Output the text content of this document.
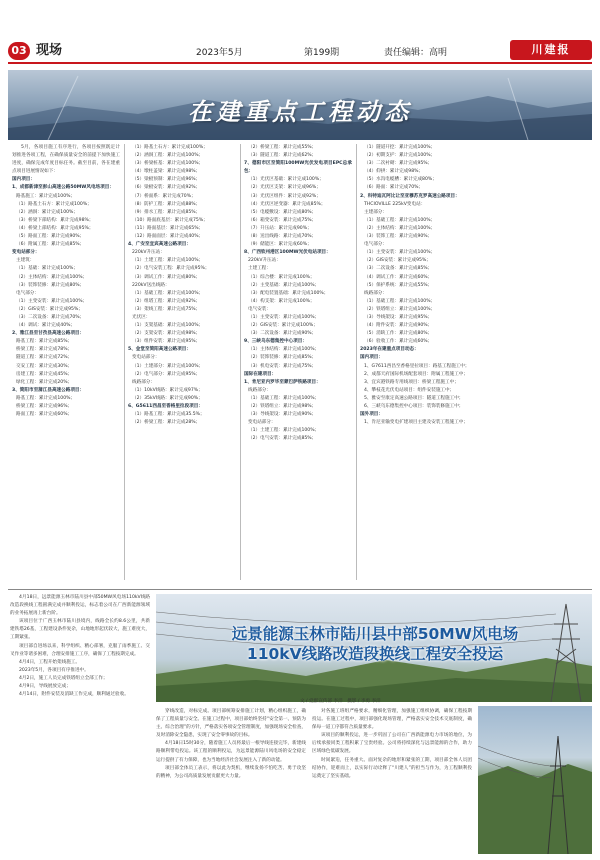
03 现场	2023年5月	第199期	责任编辑：高明	川建报
在建重点工程动态

5月，各项目施工有序进行，各项目按照既定计划推进各项工程，在确保质量安全的前提下加快施工进度，确保完成年度目标任务。截至目前，各在建重点项目进展情况如下：

国内项目：

1、成都新津至彭山高速公路50MW风电场项目：

路基施工：累计完成100%；

（1）路基土石方：累计完成100%；

（2）涵洞：累计完成100%；

（3）桥梁下部结构：累计完成98%；

（4）桥梁上部结构：累计完成95%；

（5）路面工程：累计完成90%；

（6）附属工程：累计完成85%；

变电站部分：

主建筑：

（1）基础：累计完成100%；

（2）主体结构：累计完成100%；

（3）装饰装修：累计完成80%；

电气部分：

（1）主变安装：累计完成100%；

（2）GIS安装：累计完成95%；

（3）二次设备：累计完成70%；

（4）调试：累计完成40%；

2、雅江县至甘孜县高速公路项目：

路基工程：累计完成85%；

桥梁工程：累计完成78%；

隧道工程：累计完成72%；

交安工程：累计完成30%；

房建工程：累计完成45%；

绿化工程：累计完成20%；

3、简阳市至蒲江县高速公路项目：

路基工程：累计完成100%；

桥梁工程：累计完成96%；

路面工程：累计完成60%；

（1）路基土石方：累计完成100%；

（2）涵洞工程：累计完成100%；

（3）桥梁桩基：累计完成100%；

（4）墩柱盖梁：累计完成98%；

（5）梁板预制：累计完成96%；

（6）梁板安装：累计完成92%；

（7）桥面系：累计完成70%；

（8）防护工程：累计完成88%；

（9）排水工程：累计完成85%；

（10）路面底基层：累计完成75%；

（11）路面基层：累计完成65%；

（12）路面面层：累计完成40%；

4、广安至宜宾高速公路项目：

220kV升压站：

（1）土建工程：累计完成100%；

（2）电气安装工程：累计完成95%；

（3）调试工作：累计完成80%；

220kV送出线路：

（1）基础工程：累计完成100%；

（2）组塔工程：累计完成92%；

（3）架线工程：累计完成75%；

光伏区：

（1）支架基础：累计完成100%；

（2）支架安装：累计完成98%；

（3）组件安装：累计完成95%；

5、金堂至简阳高速公路项目：

变电站部分：

（1）土建部分：累计完成100%；

（2）电气部分：累计完成95%；

线路部分：

（1）10kV线路：累计完成97%；

（2）35kV线路：累计完成90%；

6、G5611西昌至香格里拉段项目：

（1）路基工程：累计完成35.5%；

（2）桥梁工程：累计完成28%；

（2）桥梁工程：累计完成55%；

（3）隧道工程：累计完成62%；

7、德阳市区至简阳100MW光伏发电项目EPC总承包：

（1）光伏区基础：累计完成100%；

（2）光伏区支架：累计完成96%；

（3）光伏区组件：累计完成92%；

（4）光伏区逆变器：累计完成85%；

（5）电缆敷设：累计完成80%；

（6）箱变安装：累计完成75%；

（7）升压站：累计完成90%；

（8）送出线路：累计完成70%；

（9）储能区：累计完成60%；

8、广西钦州港区100MW光伏电站项目：

220kV升压站：

土建工程：

（1）综合楼：累计完成100%；

（2）主变基础：累计完成100%；

（3）配电装置基础：累计完成100%；

（4）构支架：累计完成100%；

电气安装：

（1）主变安装：累计完成100%；

（2）GIS安装：累计完成100%；

（3）二次设备：累计完成90%；

9、三峡乌东德集控中心项目：

（1）主体结构：累计完成100%；

（2）装饰装修：累计完成85%；

（3）机电安装：累计完成75%；

国际在建项目：

1、肯尼亚内罗毕至蒙巴萨铁路项目：

线路部分：

（1）基础工程：累计完成100%；

（2）铁塔组立：累计完成98%；

（3）导线架设：累计完成90%；

变电站部分：

（1）土建工程：累计完成100%；

（2）电气安装：累计完成85%；

（1）隧道开挖：累计完成100%；

（2）初期支护：累计完成100%；

（3）二次衬砌：累计完成95%；

（4）仰拱：累计完成98%；

（5）水沟电缆槽：累计完成80%；

（6）路面：累计完成70%；

2、科特迪瓦阿比让至亚穆苏克罗高速公路项目：

THCIOVILLE 225kV变电站：

主建部分：

（1）基础工程：累计完成100%；

（2）主体结构：累计完成100%；

（3）装饰工程：累计完成90%；

电气部分：

（1）主变安装：累计完成100%；

（2）GIS安装：累计完成95%；

（3）二次设备：累计完成85%；

（4）调试工作：累计完成60%；

（5）保护系统：累计完成55%；

线路部分：

（1）基础工程：累计完成100%；

（2）铁塔组立：累计完成100%；

（3）导线架设：累计完成95%；

（4）附件安装：累计完成90%；

（5）消缺工作：累计完成80%；

（6）验收工作：累计完成60%；

2023年在建重点项目动态：

国内项目：

1、G7611西昌至香格里拉项目：路基工程施工中；

2、成都天府国际机场配套项目：附属工程施工中；

3、宜宾港铁路专用线项目：桥梁工程施工中；

4、攀枝花光伏电站项目：组件安装施工中；

5、雅安至康定高速公路项目：隧道工程施工中；

6、三峡乌东德集控中心项目：装饰装修施工中；

国外项目：

1、肯尼亚输变电扩建项目主建及安装工程施工中；

4月18日，远景能源玉林市陆川县中部50MW风电场110kV线路改造段换线工程圆满完成并顺利投运，标志着公司在广西新能源领域的业务拓展再上新台阶。

该项目位于广西玉林市陆川县境内，线路全长约8.6公里，共新建铁塔26基，工程建设条件复杂，山地地形起伏较大，施工难度大，工期紧张。

项目部自进场以来，科学组织、精心部署，克服了雨季施工、交叉作业等诸多困难，合理安排施工工序，确保了工程按期完成。

4月4日，工程开始架线施工。

2023年5月，各项目有序推进中。

4月2日，施工人员完成铁塔组立全部工作；

4月9日，导线展放完成；

4月14日，附件安装及消缺工作完成，顺利通过验收。

远景能源玉林市陆川县中部50MW风电场
110kV线路改造段换线工程安全投运
文 / 党群宣传部 李洋　摄影 / 李勇 李洋

穿线改造，对标完成。项目部统筹安排施工计划，精心组织施工，确保了工程质量与安全。在施工过程中，项目部始终坚持“安全第一、预防为主、综合治理”的方针，严格落实各项安全管理制度，加强现场安全检查，及时消除安全隐患，实现了安全零事故的目标。

4月18日15时30分，随着施工人员将最后一根导线连接完毕，新建线路顺利带电投运。该工程的顺利投运，为远景能源陆川风电场的安全稳定运行提供了有力保障，也为当地经济社会发展注入了新的动能。

项目部全体员工表示，将以此为契机，继续发扬不怕吃苦、勇于攻坚的精神，为公司高质量发展贡献更大力量。

对各施工班组严格要求，精细化管理，加强施工组织协调，确保工程按期投运。在施工过程中，项目部强化现场管理，严格落实安全技术交底制度，确保每一道工序都符合质量要求。

该项目的顺利投运，进一步巩固了公司在广西新能源电力市场的地位，为后续承接同类工程积累了宝贵经验。公司将持续深化与远景能源的合作，助力区域绿色低碳发展。

时间紧迫，任务重大。面对复杂的地形和紧张的工期，项目部全体人员团结协作，迎难而上，以实际行动诠释了“川建人”的担当与作为，为工程顺利投运奠定了坚实基础。
